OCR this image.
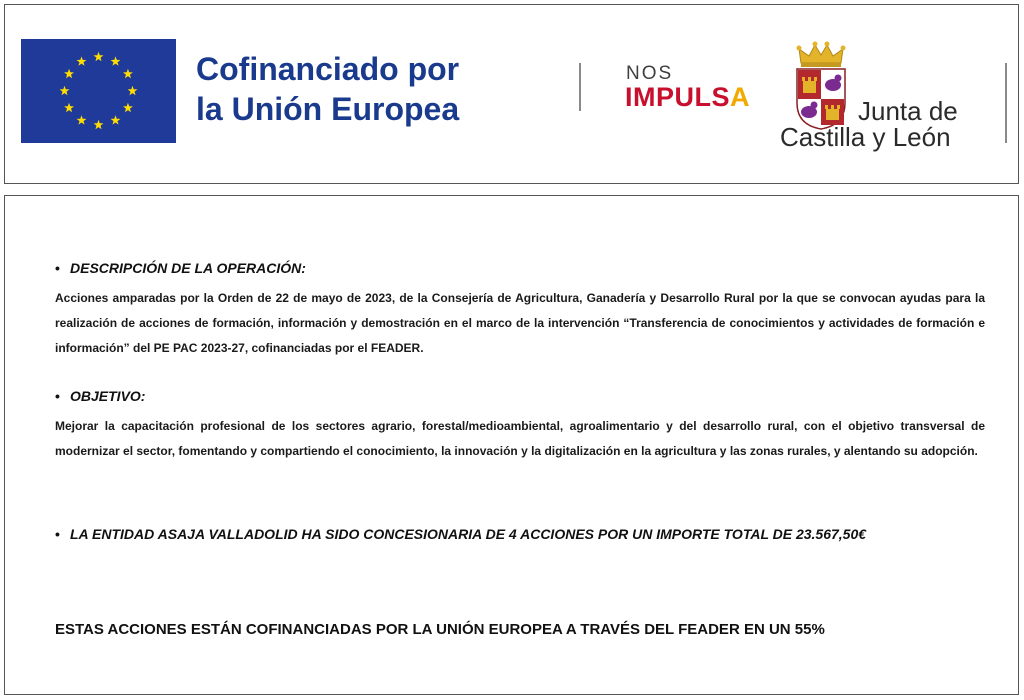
Cofinanciado por
la Unión Europea
NOS
IMPULSA	Junta de
Castilla y León
• DESCRIPCIÓN DE LA OPERACIÓN:
Acciones amparadas por la Orden de 22 de mayo de 2023, de la Consejería de Agricultura, Ganadería y Desarrollo Rural por la que se convocan ayudas para la realización de acciones de formación, información y demostración en el marco de la intervención “Transferencia de conocimientos y actividades de formación e información” del PE PAC 2023-27, cofinanciadas por el FEADER.
• OBJETIVO:
Mejorar la capacitación profesional de los sectores agrario, forestal/medioambiental, agroalimentario y del desarrollo rural, con el objetivo transversal de modernizar el sector, fomentando y compartiendo el conocimiento, la innovación y la digitalización en la agricultura y las zonas rurales, y alentando su adopción.
• LA ENTIDAD ASAJA VALLADOLID HA SIDO CONCESIONARIA DE 4 ACCIONES POR UN IMPORTE TOTAL DE 23.567,50€
ESTAS ACCIONES ESTÁN COFINANCIADAS POR LA UNIÓN EUROPEA A TRAVÉS DEL FEADER EN UN 55%
